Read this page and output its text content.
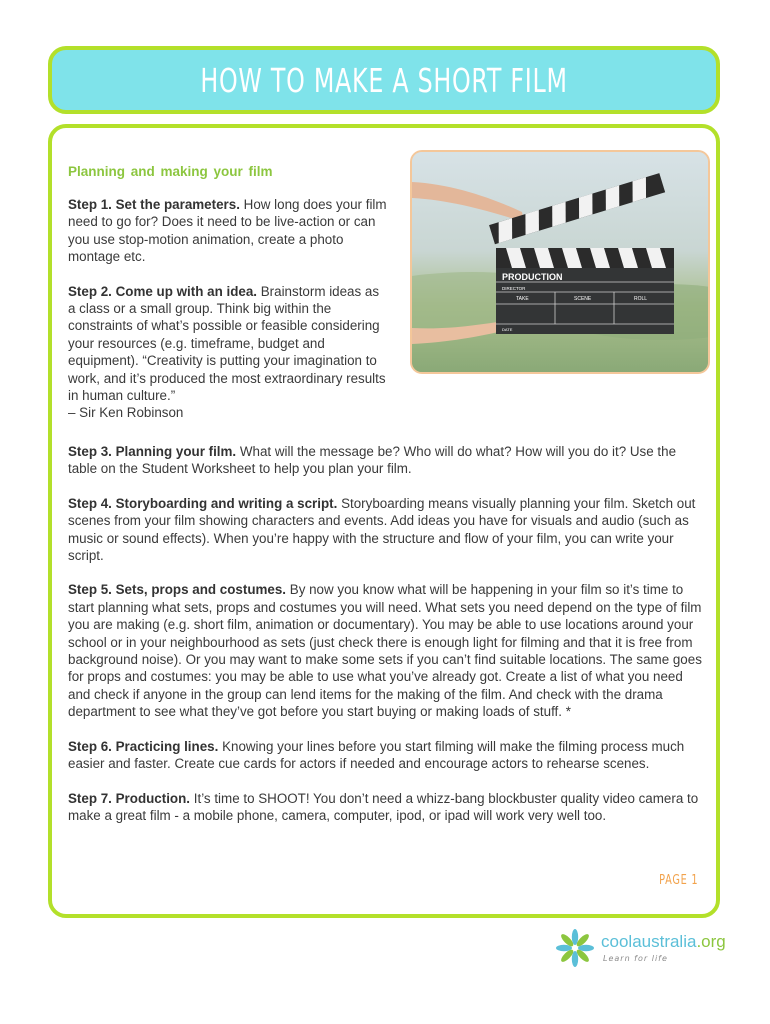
HOW TO MAKE A SHORT FILM
Planning and making your film

Step 1. Set the parameters. How long does your film need to go for? Does it need to be live-action or can you use stop-motion animation, create a photo montage etc.

Step 2. Come up with an idea. Brainstorm ideas as a class or a small group. Think big within the constraints of what’s possible or feasible considering your resources (e.g. timeframe, budget and equipment). “Creativity is putting your imagination to work, and it’s produced the most extraordinary results in human culture.”
– Sir Ken Robinson

PRODUCTION
DIRECTOR
TAKE	SCENE	ROLL
DATE

Step 3. Planning your film. What will the message be? Who will do what? How will you do it? Use the table on the Student Worksheet to help you plan your film.

Step 4. Storyboarding and writing a script. Storyboarding means visually planning your film. Sketch out scenes from your film showing characters and events. Add ideas you have for visuals and audio (such as music or sound effects). When you’re happy with the structure and flow of your film, you can write your script.

Step 5. Sets, props and costumes. By now you know what will be happening in your film so it’s time to start planning what sets, props and costumes you will need. What sets you need depend on the type of film you are making (e.g. short film, animation or documentary). You may be able to use locations around your school or in your neighbourhood as sets (just check there is enough light for filming and that it is free from background noise). Or you may want to make some sets if you can’t find suitable locations. The same goes for props and costumes: you may be able to use what you’ve already got. Create a list of what you need and check if anyone in the group can lend items for the making of the film. And check with the drama department to see what they’ve got before you start buying or making loads of stuff. *

Step 6. Practicing lines. Knowing your lines before you start filming will make the filming process much easier and faster. Create cue cards for actors if needed and encourage actors to rehearse scenes.

Step 7. Production. It’s time to SHOOT! You don’t need a whizz-bang blockbuster quality video camera to make a great film - a mobile phone, camera, computer, ipod, or ipad will work very well too.

PAGE 1
coolaustralia.org
Learn for life
